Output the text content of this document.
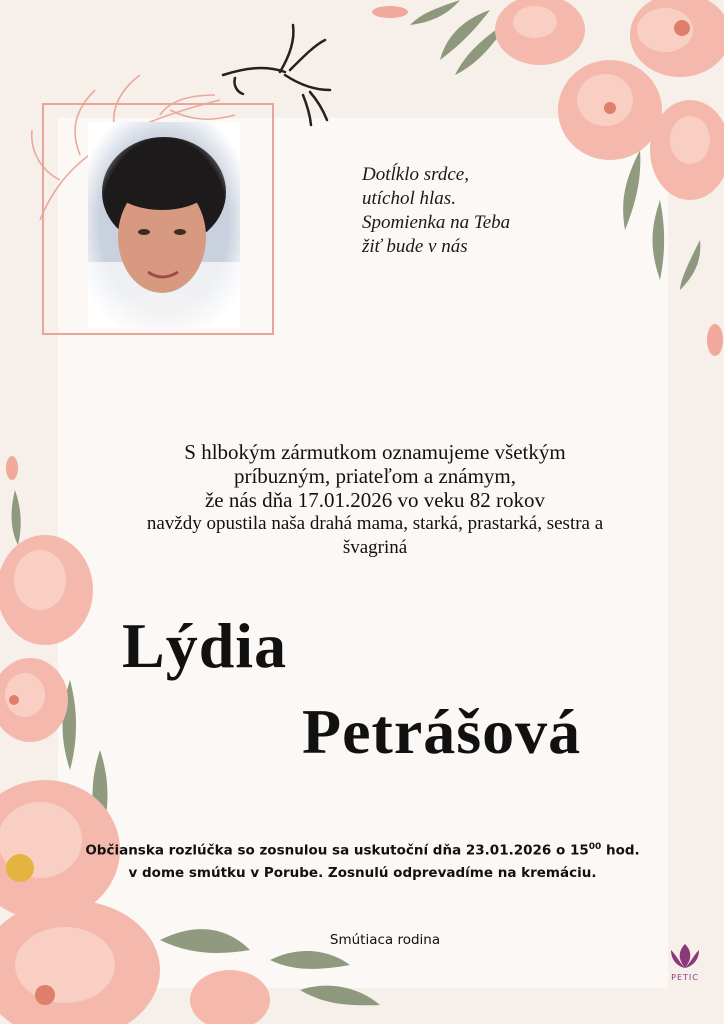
Dotĺklo srdce,
utíchol hlas.
Spomienka na Teba
žiť bude v nás
S hlbokým zármutkom oznamujeme všetkým
príbuzným, priateľom a známym,
že nás dňa 17.01.2026 vo veku 82 rokov
navždy opustila naša drahá mama, starká, prastarká, sestra a
švagriná
Lýdia
Petrášová
Občianska rozlúčka so zosnulou sa uskutoční dňa 23.01.2026 o $15^{00}$ hod.
v dome smútku v Porube. Zosnulú odprevadíme na kremáciu.
Smútiaca rodina
PETIC
